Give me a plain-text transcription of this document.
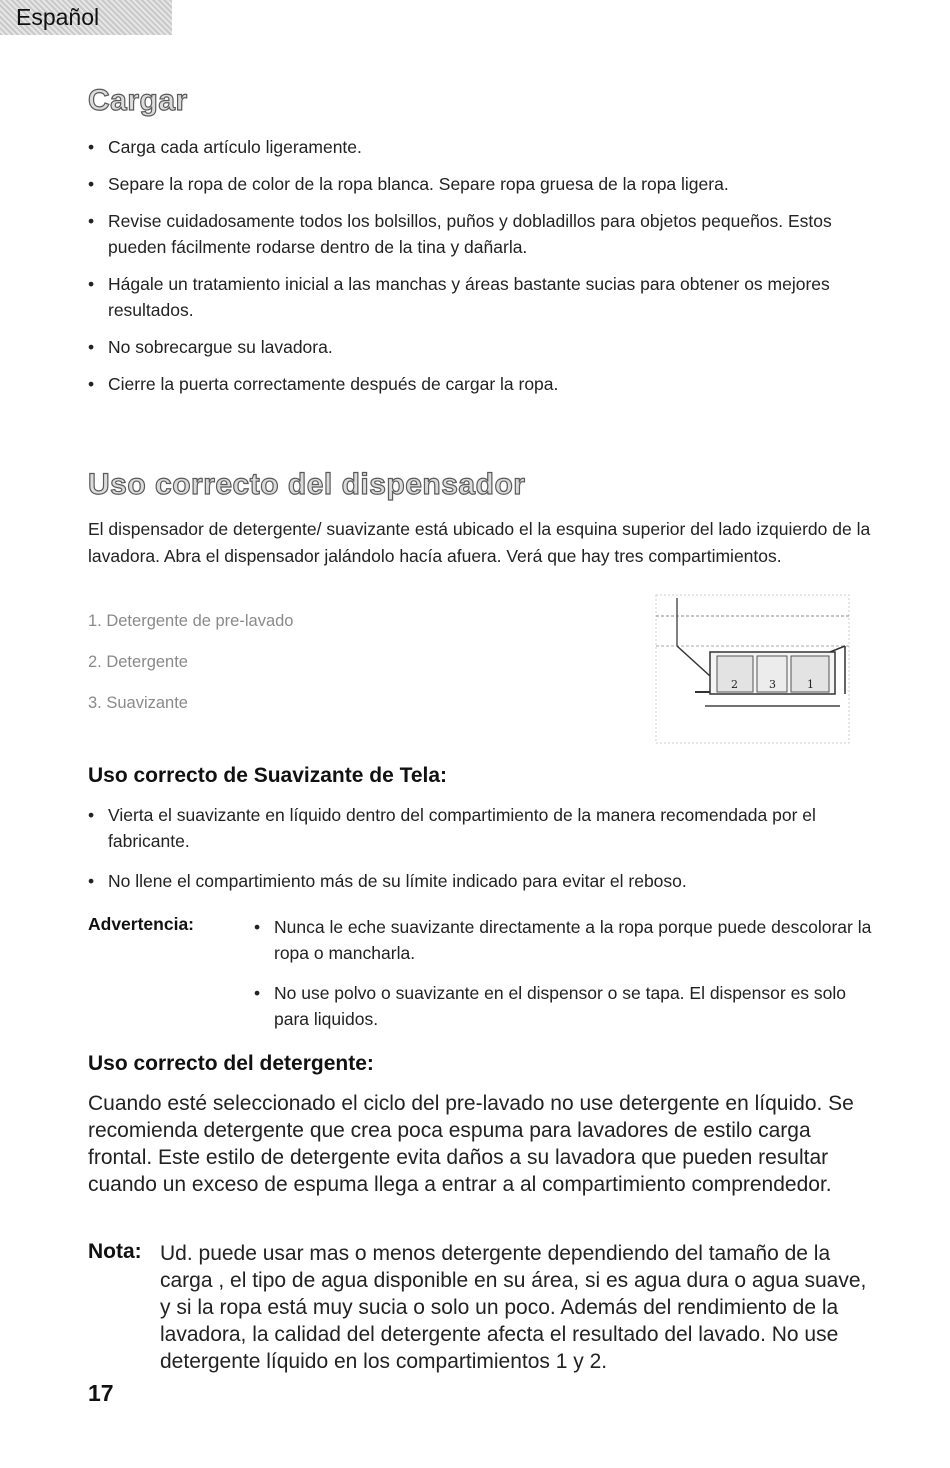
Español
Cargar
• Carga cada artículo ligeramente.
• Separe la ropa de color de la ropa blanca. Separe ropa gruesa de la ropa ligera.
• Revise cuidadosamente todos los bolsillos, puños y dobladillos para objetos pequeños. Estos pueden fácilmente rodarse dentro de la tina y dañarla.
• Hágale un tratamiento inicial a las manchas y áreas bastante sucias para obtener os mejores resultados.
• No sobrecargue su lavadora.
• Cierre la puerta correctamente después de cargar la ropa.
Uso correcto del dispensador

El dispensador de detergente/ suavizante está ubicado el la esquina superior del lado izquierdo de la lavadora. Abra el dispensador jalándolo hacía afuera. Verá que hay tres compartimientos.

1. Detergente de pre-lavado
2. Detergente
3. Suavizante
2	3	1
Uso correcto de Suavizante de Tela:
• Vierta el suavizante en líquido dentro del compartimiento de la manera recomendada por el fabricante.
• No llene el compartimiento más de su límite indicado para evitar el reboso.
Advertencia:
•	Nunca le eche suavizante directamente a la ropa porque puede descolorar la ropa o mancharla.
• No use polvo o suavizante en el dispensor o se tapa. El dispensor es solo para liquidos.
Uso correcto del detergente:

Cuando esté seleccionado el ciclo del pre-lavado no use detergente en líquido. Se recomienda detergente que crea poca espuma para lavadores de estilo carga frontal. Este estilo de detergente evita daños a su lavadora que pueden resultar cuando un exceso de espuma llega a entrar a al compartimiento comprendedor.

Nota: Ud. puede usar mas o menos detergente dependiendo del tamaño de la carga , el tipo de agua disponible en su área, si es agua dura o agua suave, y si la ropa está muy sucia o solo un poco. Además del rendimiento de la lavadora, la calidad del detergente afecta el resultado del lavado. No use detergente líquido en los compartimientos 1 y 2.

17
